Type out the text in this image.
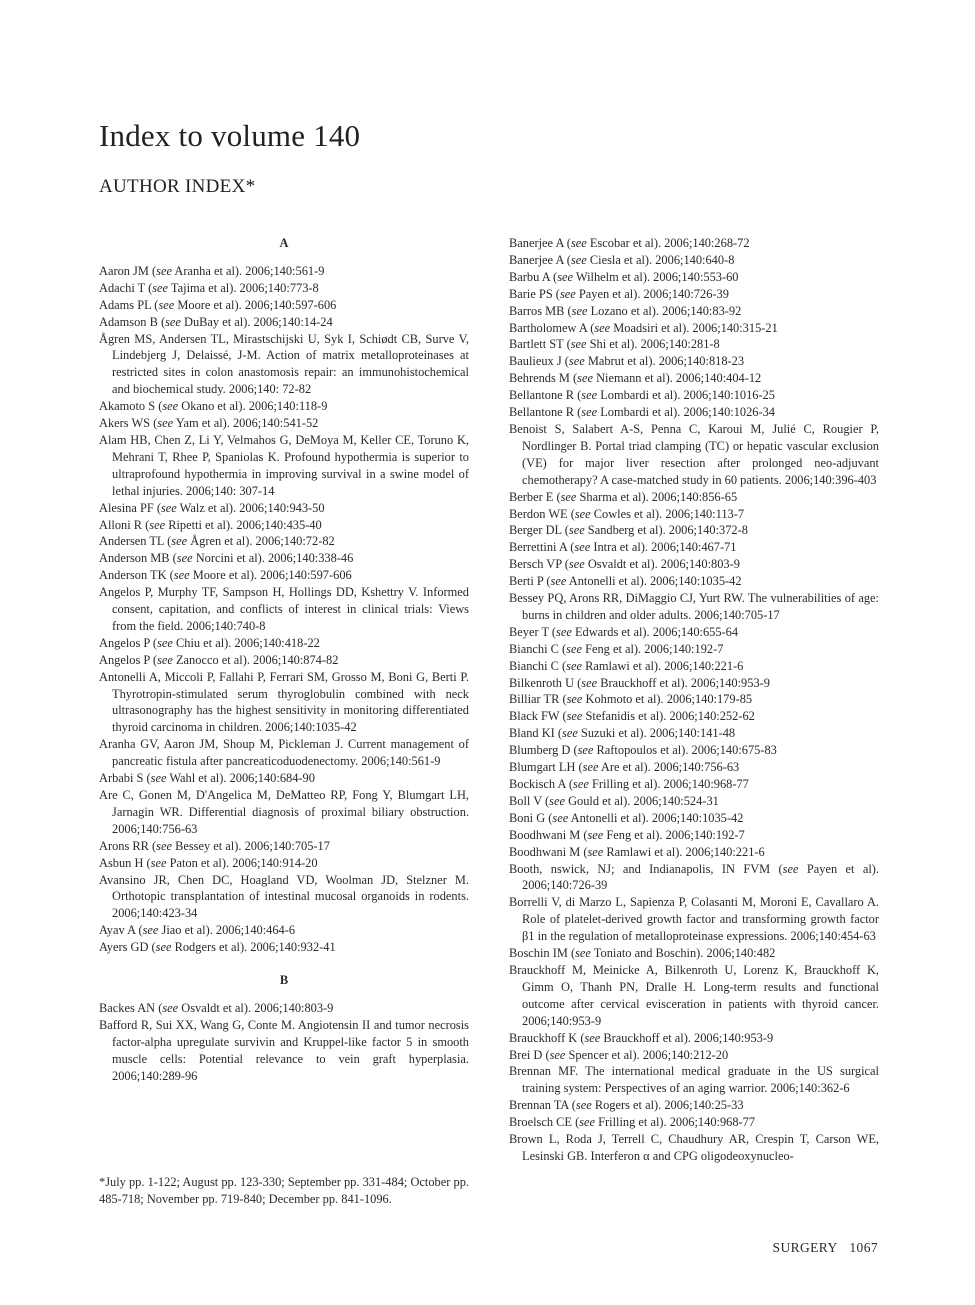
Index to volume 140
AUTHOR INDEX*
A

Aaron JM (see Aranha et al). 2006;140:561-9

Adachi T (see Tajima et al). 2006;140:773-8

Adams PL (see Moore et al). 2006;140:597-606

Adamson B (see DuBay et al). 2006;140:14-24

Ågren MS, Andersen TL, Mirastschijski U, Syk I, Schiødt CB, Surve V, Lindebjerg J, Delaissé, J-M. Action of matrix metalloproteinases at restricted sites in colon anastomosis repair: an immunohistochemical and biochemical study. 2006;140: 72-82

Akamoto S (see Okano et al). 2006;140:118-9

Akers WS (see Yam et al). 2006;140:541-52

Alam HB, Chen Z, Li Y, Velmahos G, DeMoya M, Keller CE, Toruno K, Mehrani T, Rhee P, Spaniolas K. Profound hypothermia is superior to ultraprofound hypothermia in improving survival in a swine model of lethal injuries. 2006;140: 307-14

Alesina PF (see Walz et al). 2006;140:943-50

Alloni R (see Ripetti et al). 2006;140:435-40

Andersen TL (see Ågren et al). 2006;140:72-82

Anderson MB (see Norcini et al). 2006;140:338-46

Anderson TK (see Moore et al). 2006;140:597-606

Angelos P, Murphy TF, Sampson H, Hollings DD, Kshettry V. Informed consent, capitation, and conflicts of interest in clinical trials: Views from the field. 2006;140:740-8

Angelos P (see Chiu et al). 2006;140:418-22

Angelos P (see Zanocco et al). 2006;140:874-82

Antonelli A, Miccoli P, Fallahi P, Ferrari SM, Grosso M, Boni G, Berti P. Thyrotropin-stimulated serum thyroglobulin combined with neck ultrasonography has the highest sensitivity in monitoring differentiated thyroid carcinoma in children. 2006;140:1035-42

Aranha GV, Aaron JM, Shoup M, Pickleman J. Current management of pancreatic fistula after pancreaticoduodenectomy. 2006;140:561-9

Arbabi S (see Wahl et al). 2006;140:684-90

Are C, Gonen M, D'Angelica M, DeMatteo RP, Fong Y, Blumgart LH, Jarnagin WR. Differential diagnosis of proximal biliary obstruction. 2006;140:756-63

Arons RR (see Bessey et al). 2006;140:705-17

Asbun H (see Paton et al). 2006;140:914-20

Avansino JR, Chen DC, Hoagland VD, Woolman JD, Stelzner M. Orthotopic transplantation of intestinal mucosal organoids in rodents. 2006;140:423-34

Ayav A (see Jiao et al). 2006;140:464-6

Ayers GD (see Rodgers et al). 2006;140:932-41

B

Backes AN (see Osvaldt et al). 2006;140:803-9

Bafford R, Sui XX, Wang G, Conte M. Angiotensin II and tumor necrosis factor-alpha upregulate survivin and Kruppel-like factor 5 in smooth muscle cells: Potential relevance to vein graft hyperplasia. 2006;140:289-96

*July pp. 1-122; August pp. 123-330; September pp. 331-484; October pp. 485-718; November pp. 719-840; December pp. 841-1096.

Banerjee A (see Escobar et al). 2006;140:268-72

Banerjee A (see Ciesla et al). 2006;140:640-8

Barbu A (see Wilhelm et al). 2006;140:553-60

Barie PS (see Payen et al). 2006;140:726-39

Barros MB (see Lozano et al). 2006;140:83-92

Bartholomew A (see Moadsiri et al). 2006;140:315-21

Bartlett ST (see Shi et al). 2006;140:281-8

Baulieux J (see Mabrut et al). 2006;140:818-23

Behrends M (see Niemann et al). 2006;140:404-12

Bellantone R (see Lombardi et al). 2006;140:1016-25

Bellantone R (see Lombardi et al). 2006;140:1026-34

Benoist S, Salabert A-S, Penna C, Karoui M, Julié C, Rougier P, Nordlinger B. Portal triad clamping (TC) or hepatic vascular exclusion (VE) for major liver resection after prolonged neo-adjuvant chemotherapy? A case-matched study in 60 patients. 2006;140:396-403

Berber E (see Sharma et al). 2006;140:856-65

Berdon WE (see Cowles et al). 2006;140:113-7

Berger DL (see Sandberg et al). 2006;140:372-8

Berrettini A (see Intra et al). 2006;140:467-71

Bersch VP (see Osvaldt et al). 2006;140:803-9

Berti P (see Antonelli et al). 2006;140:1035-42

Bessey PQ, Arons RR, DiMaggio CJ, Yurt RW. The vulnerabilities of age: burns in children and older adults. 2006;140:705-17

Beyer T (see Edwards et al). 2006;140:655-64

Bianchi C (see Feng et al). 2006;140:192-7

Bianchi C (see Ramlawi et al). 2006;140:221-6

Bilkenroth U (see Brauckhoff et al). 2006;140:953-9

Billiar TR (see Kohmoto et al). 2006;140:179-85

Black FW (see Stefanidis et al). 2006;140:252-62

Bland KI (see Suzuki et al). 2006;140:141-48

Blumberg D (see Raftopoulos et al). 2006;140:675-83

Blumgart LH (see Are et al). 2006;140:756-63

Bockisch A (see Frilling et al). 2006;140:968-77

Boll V (see Gould et al). 2006;140:524-31

Boni G (see Antonelli et al). 2006;140:1035-42

Boodhwani M (see Feng et al). 2006;140:192-7

Boodhwani M (see Ramlawi et al). 2006;140:221-6

Booth, nswick, NJ; and Indianapolis, IN FVM (see Payen et al). 2006;140:726-39

Borrelli V, di Marzo L, Sapienza P, Colasanti M, Moroni E, Cavallaro A. Role of platelet-derived growth factor and transforming growth factor β1 in the regulation of metalloproteinase expressions. 2006;140:454-63

Boschin IM (see Toniato and Boschin). 2006;140:482

Brauckhoff M, Meinicke A, Bilkenroth U, Lorenz K, Brauckhoff K, Gimm O, Thanh PN, Dralle H. Long-term results and functional outcome after cervical evisceration in patients with thyroid cancer. 2006;140:953-9

Brauckhoff K (see Brauckhoff et al). 2006;140:953-9

Brei D (see Spencer et al). 2006;140:212-20

Brennan MF. The international medical graduate in the US surgical training system: Perspectives of an aging warrior. 2006;140:362-6

Brennan TA (see Rogers et al). 2006;140:25-33

Broelsch CE (see Frilling et al). 2006;140:968-77

Brown L, Roda J, Terrell C, Chaudhury AR, Crespin T, Carson WE, Lesinski GB. Interferon α and CPG oligodeoxynucleo-

SURGERY 1067
